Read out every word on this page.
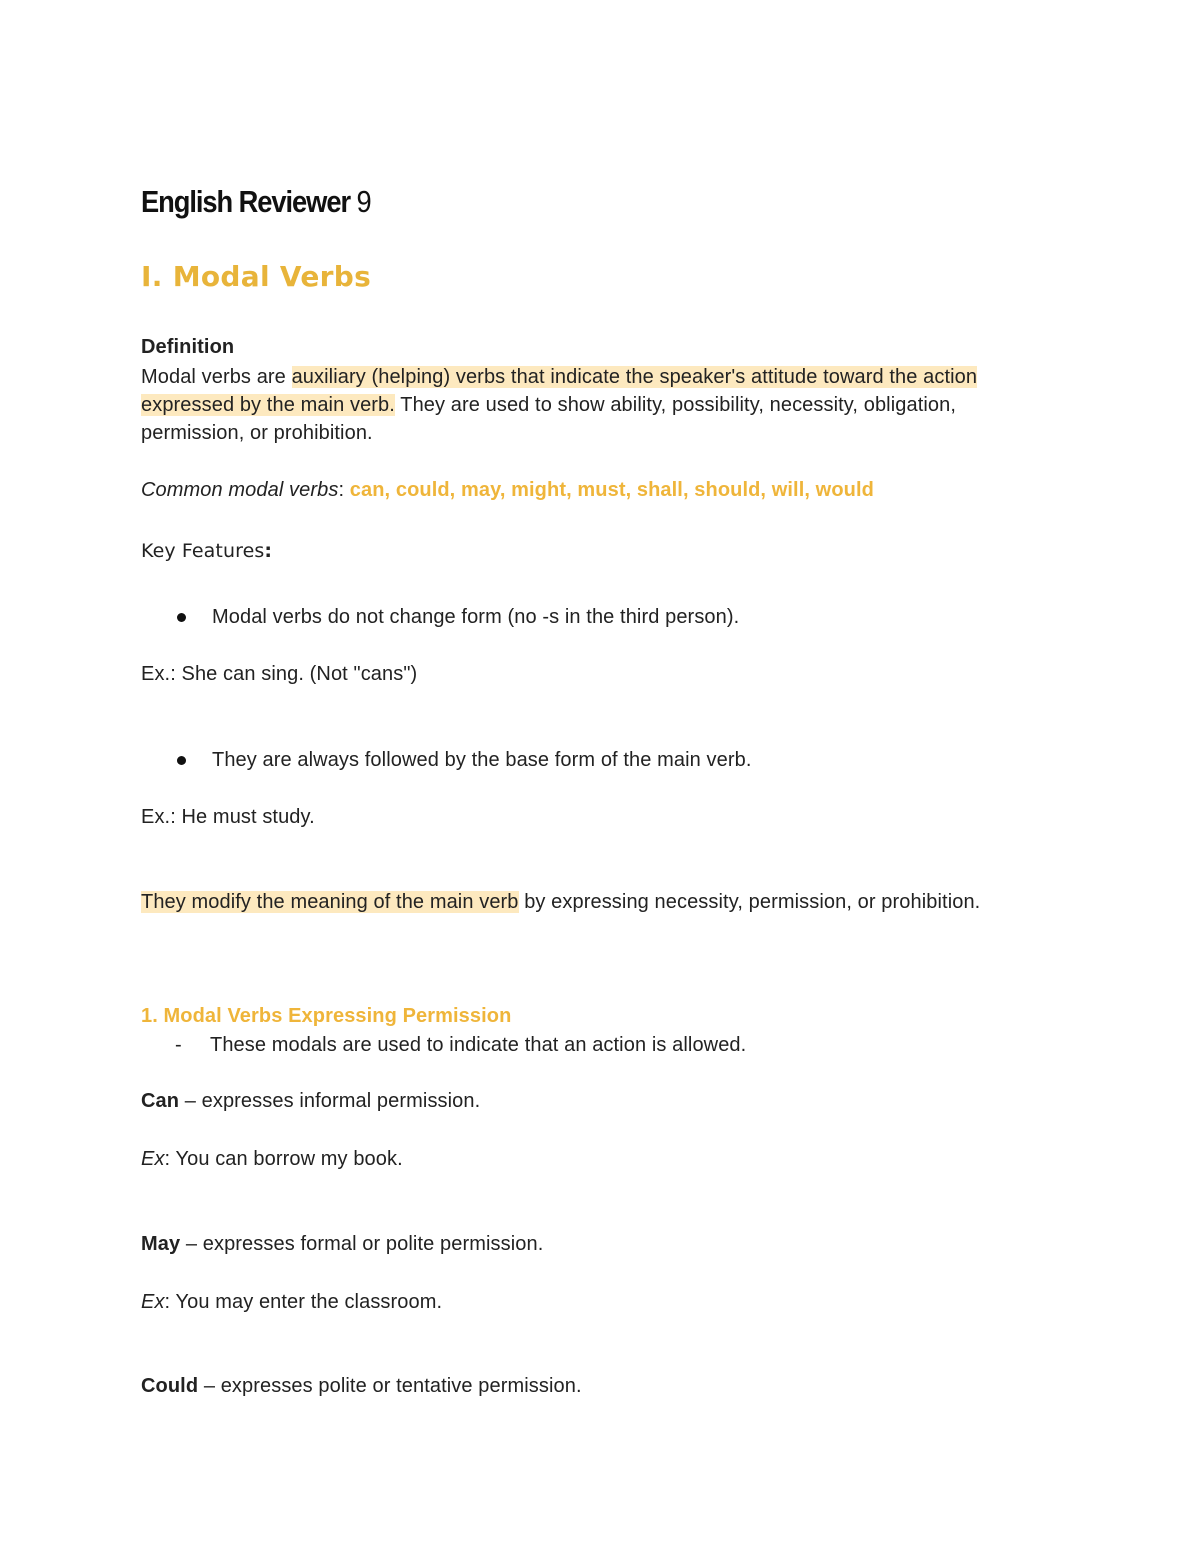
English Reviewer 9
I. Modal Verbs
Definition
Modal verbs are auxiliary (helping) verbs that indicate the speaker's attitude toward the action
expressed by the main verb. They are used to show ability, possibility, necessity, obligation,
permission, or prohibition.
Common modal verbs: can, could, may, might, must, shall, should, will, would
Key Features:
Modal verbs do not change form (no -s in the third person).
Ex.: She can sing. (Not "cans")
They are always followed by the base form of the main verb.
Ex.: He must study.
They modify the meaning of the main verb by expressing necessity, permission, or prohibition.
1. Modal Verbs Expressing Permission
- These modals are used to indicate that an action is allowed.
Can – expresses informal permission.
Ex: You can borrow my book.
May – expresses formal or polite permission.
Ex: You may enter the classroom.
Could – expresses polite or tentative permission.
